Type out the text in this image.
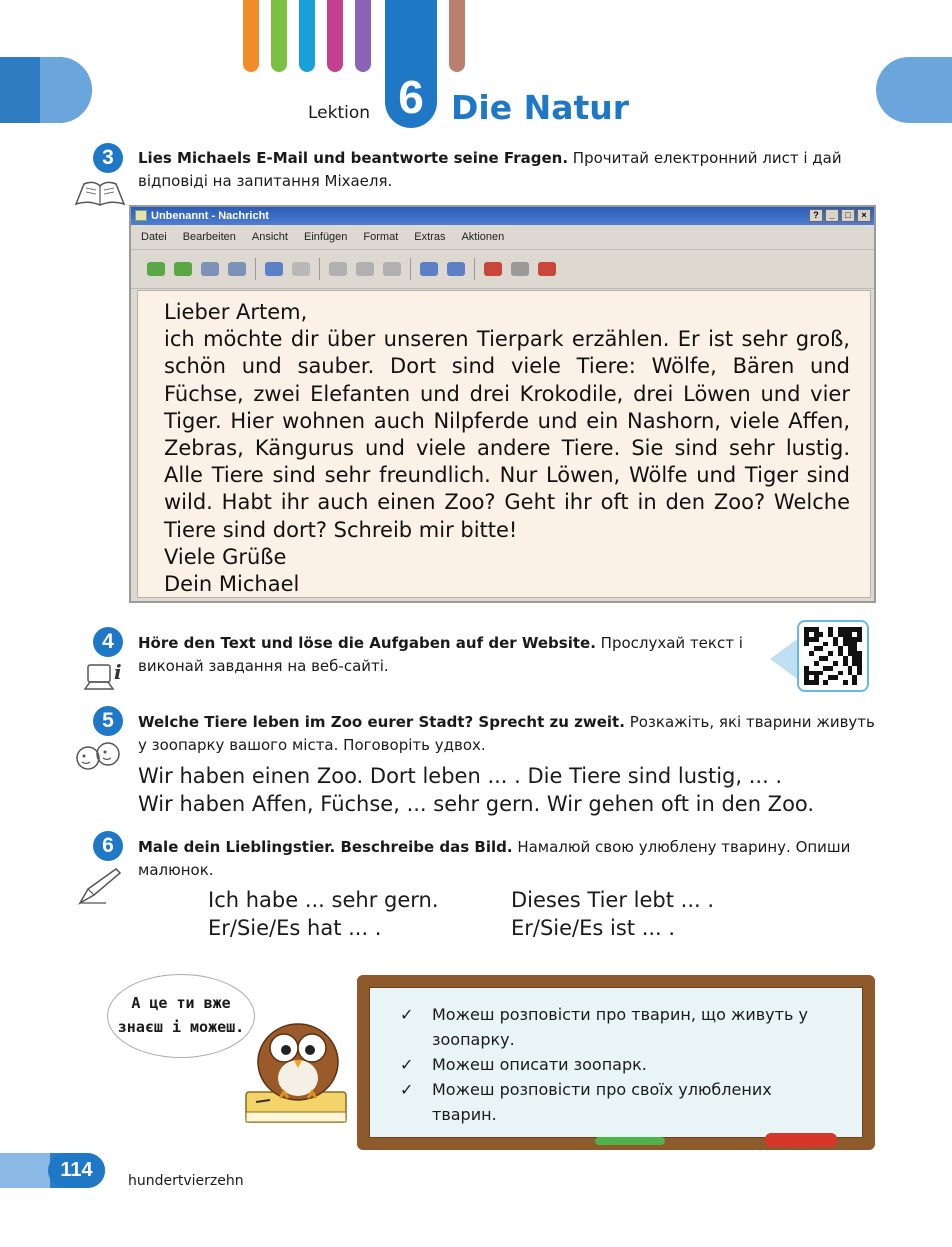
Lektion 6 Die Natur
3	Lies Michaels E-Mail und beantworte seine Fragen. Прочитай електронний лист і дай відповіді на запитання Міхаеля.
Unbenannt - Nachricht	?	_	□	×
Datei Bearbeiten Ansicht Einfügen Format Extras Aktionen
Lieber Artem,
ich möchte dir über unseren Tierpark erzählen. Er ist sehr groß, schön und sauber. Dort sind viele Tiere: Wölfe, Bären und Füchse, zwei Elefanten und drei Krokodile, drei Löwen und vier Tiger. Hier wohnen auch Nilpferde und ein Nashorn, viele Affen, Zebras, Kängurus und viele andere Tiere. Sie sind sehr lustig. Alle Tiere sind sehr freundlich. Nur Löwen, Wölfe und Tiger sind wild. Habt ihr auch einen Zoo? Geht ihr oft in den Zoo? Welche Tiere sind dort? Schreib mir bitte!
Viele Grüße
Dein Michael
4
i
Höre den Text und löse die Aufgaben auf der Website. Прослухай текст і виконай завдання на веб-сайті.
5	Welche Tiere leben im Zoo eurer Stadt? Sprecht zu zweit. Розкажіть, які тварини живуть у зоопарку вашого міста. Поговоріть удвох.
Wir haben einen Zoo. Dort leben ... . Die Tiere sind lustig, ... .
Wir haben Affen, Füchse, ... sehr gern. Wir gehen oft in den Zoo.
6	Male dein Lieblingstier. Beschreibe das Bild. Намалюй свою улюблену тварину. Опиши малюнок.
Ich habe ... sehr gern.	Dieses Tier lebt ... .
Er/Sie/Es hat ... .	Er/Sie/Es ist ... .
А це ти вже
знаєш і можеш.
✓ Можеш розповісти про тварин, що живуть у зоопарку.
✓ Можеш описати зоопарк.
✓ Можеш розповісти про своїх улюблених тварин.
114	hundertvierzehn
